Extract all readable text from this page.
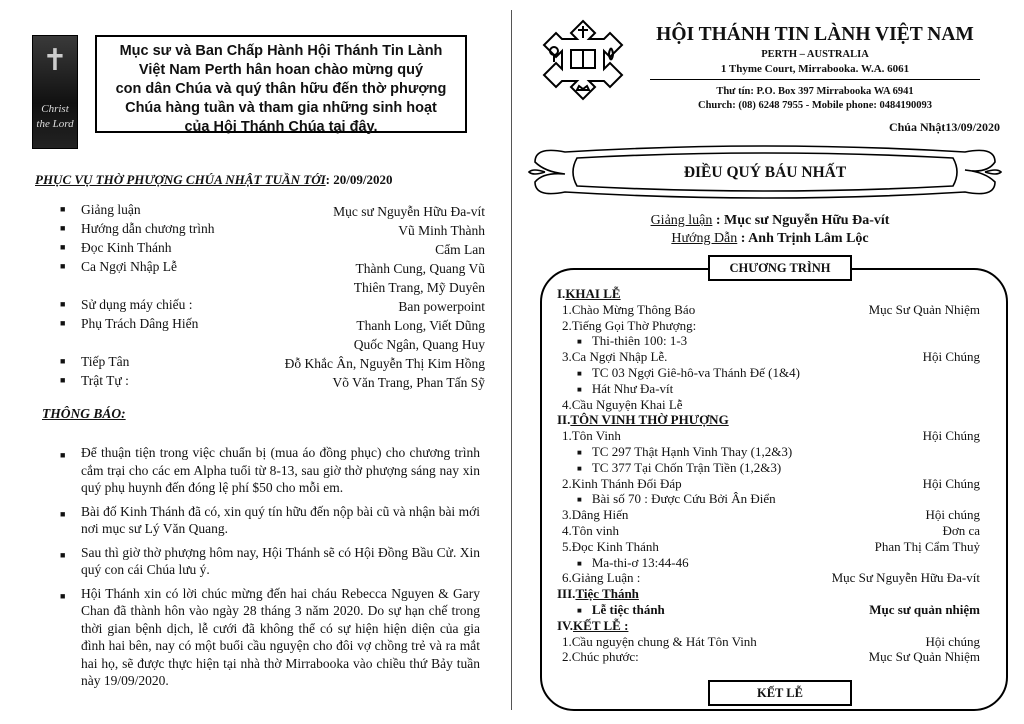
✝
Christ
the Lord
Mục sư và Ban Chấp Hành Hội Thánh Tin Lành
Việt Nam Perth hân hoan chào mừng quý
con dân Chúa và quý thân hữu đến thờ phượng
Chúa hàng tuần và tham gia những sinh hoạt
của Hội Thánh Chúa tại đây.
PHỤC VỤ THỜ PHƯỢNG CHÚA NHẬT TUẦN TỚI: 20/09/2020
■ Giảng luận	Mục sư Nguyễn Hữu Đa-vít
■ Hướng dẫn chương trình	Vũ Minh Thành
■ Đọc Kinh Thánh	Cẩm Lan
■ Ca Ngợi Nhập Lễ	Thành Cung, Quang Vũ
Thiên Trang, Mỹ Duyên
■ Sử dụng máy chiếu :	Ban powerpoint
■ Phụ Trách Dâng Hiến	Thanh Long, Viết Dũng
Quốc Ngân, Quang Huy
■ Tiếp Tân	Đỗ Khắc Ân, Nguyễn Thị Kim Hồng
■ Trật Tự :	Võ Văn Trang, Phan Tấn Sỹ
THÔNG BÁO:
■ Để thuận tiện trong việc chuẩn bị (mua áo đồng phục) cho chương trình cắm trại cho các em Alpha tuổi từ 8-13, sau giờ thờ phượng sáng nay xin quý phụ huynh đến đóng lệ phí $50 cho mỗi em.
■ Bài đố Kinh Thánh đã có, xin quý tín hữu đến nộp bài cũ và nhận bài mới nơi mục sư Lý Văn Quang.
■ Sau thì giờ thờ phượng hôm nay, Hội Thánh sẽ có Hội Đồng Bầu Cử. Xin quý con cái Chúa lưu ý.
■ Hội Thánh xin có lời chúc mừng đến hai cháu Rebecca Nguyen & Gary Chan đã thành hôn vào ngày 28 tháng 3 năm 2020. Do sự hạn chế trong thời gian bệnh dịch, lễ cưới đã không thể có sự hiện hiện diện của gia đình hai bên, nay có một buổi cầu nguyện cho đôi vợ chồng trẻ và ra mắt hai họ, sẽ được thực hiện tại nhà thờ Mirrabooka vào chiều thứ Bảy tuần này 19/09/2020.
HỘI THÁNH TIN LÀNH VIỆT NAM
PERTH – AUSTRALIA
1 Thyme Court, Mirrabooka. W.A. 6061
Thư tín: P.O. Box 397 Mirrabooka WA 6941
Church: (08) 6248 7955 - Mobile phone: 0484190093
Chúa Nhật13/09/2020
ĐIỀU QUÝ BÁU NHẤT
Giảng luận : Mục sư Nguyễn Hữu Đa-vít
Hướng Dẫn : Anh Trịnh Lâm Lộc
CHƯƠNG TRÌNH
KẾT LỄ
I.KHAI LỄ
1.Chào Mừng Thông Báo	Mục Sư Quản Nhiệm
2.Tiếng Gọi Thờ Phượng:
■ Thi-thiên 100: 1-3
3.Ca Ngợi Nhập Lễ.	Hội Chúng
■ TC 03 Ngợi Giê-hô-va Thánh Đế (1&4)
■ Hát Như Đa-vít
4.Cầu Nguyện Khai Lễ
II.TÔN VINH THỜ PHƯỢNG
1.Tôn Vinh	Hội Chúng
■ TC 297 Thật Hạnh Vinh Thay (1,2&3)
■ TC 377 Tại Chốn Trận Tiền (1,2&3)
2.Kinh Thánh Đối Đáp	Hội Chúng
■ Bài số 70 : Được Cứu Bởi Ân Điển
3.Dâng Hiến	Hội chúng
4.Tôn vinh	Đơn ca
5.Đọc Kinh Thánh	Phan Thị Cẩm Thuỷ
■ Ma-thi-ơ 13:44-46
6.Giảng Luận :	Mục Sư Nguyễn Hữu Đa-vít
III.Tiệc Thánh
■ Lễ tiệc thánh	Mục sư quản nhiệm
IV.KẾT LỄ :
1.Cầu nguyện chung & Hát Tôn Vinh	Hội chúng
2.Chúc phước:	Mục Sư Quản Nhiệm
